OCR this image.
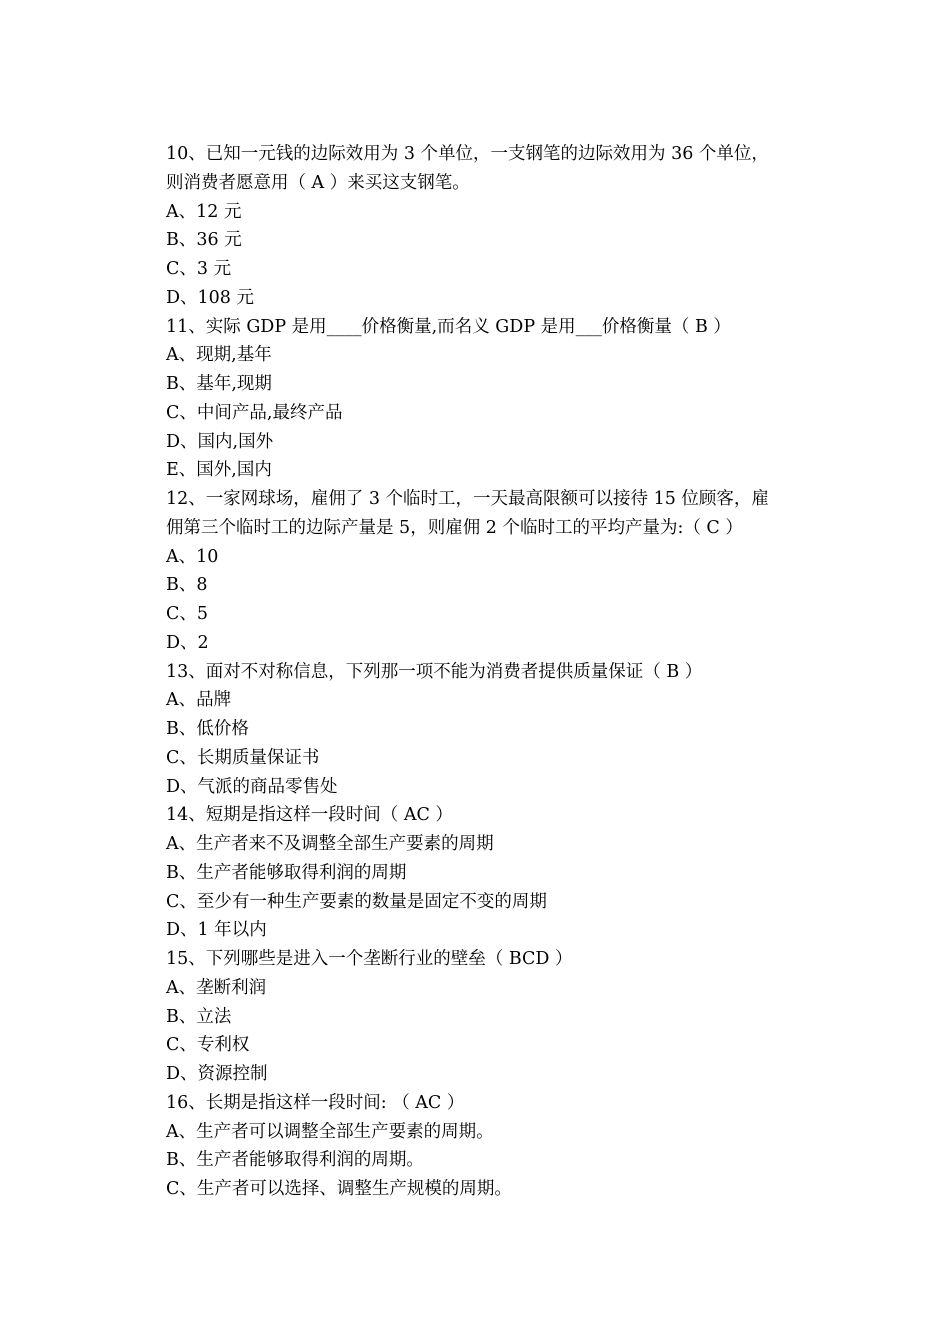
10、已知一元钱的边际效用为 3 个单位，一支钢笔的边际效用为 36 个单位，
则消费者愿意用（ A ）来买这支钢笔。
A、12 元
B、36 元
C、3 元
D、108 元
11、实际 GDP 是用____价格衡量,而名义 GDP 是用___价格衡量（ B ）
A、现期,基年
B、基年,现期
C、中间产品,最终产品
D、国内,国外
E、国外,国内
12、一家网球场，雇佣了 3 个临时工，一天最高限额可以接待 15 位顾客，雇
佣第三个临时工的边际产量是 5，则雇佣 2 个临时工的平均产量为:（ C ）
A、10
B、8
C、5
D、2
13、面对不对称信息，下列那一项不能为消费者提供质量保证（ B ）
A、品牌
B、低价格
C、长期质量保证书
D、气派的商品零售处
14、短期是指这样一段时间（ AC ）
A、生产者来不及调整全部生产要素的周期
B、生产者能够取得利润的周期
C、至少有一种生产要素的数量是固定不变的周期
D、1 年以内
15、下列哪些是进入一个垄断行业的壁垒（ BCD ）
A、垄断利润
B、立法
C、专利权
D、资源控制
16、长期是指这样一段时间: （ AC ）
A、生产者可以调整全部生产要素的周期。
B、生产者能够取得利润的周期。
C、生产者可以选择、调整生产规模的周期。
